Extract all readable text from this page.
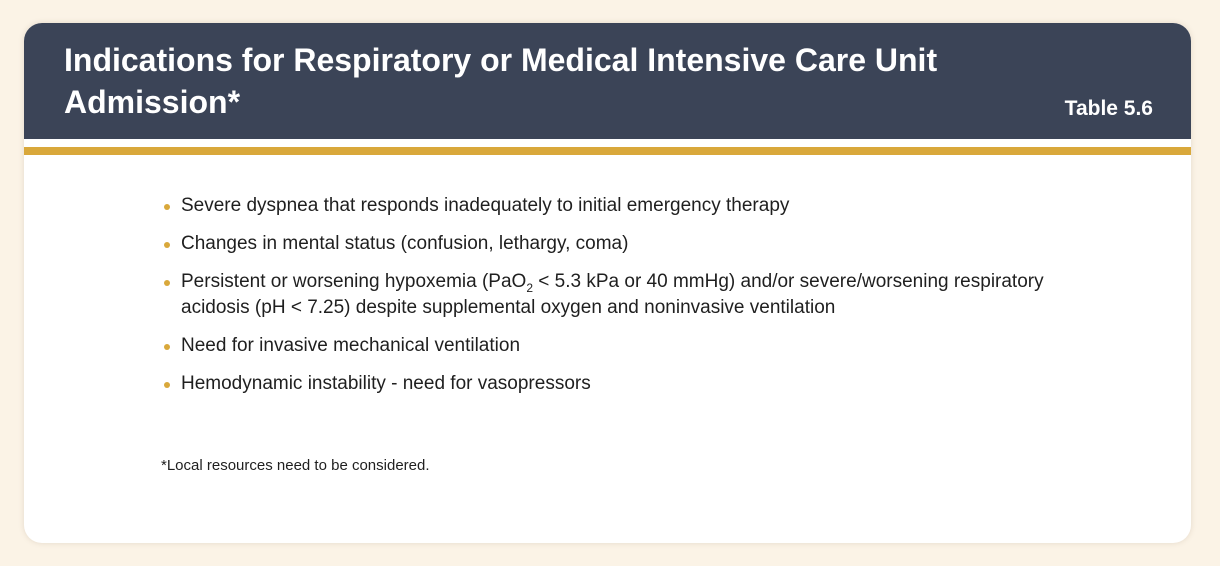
Indications for Respiratory or Medical Intensive Care Unit Admission*	Table 5.6
Severe dyspnea that responds inadequately to initial emergency therapy
Changes in mental status (confusion, lethargy, coma)
Persistent or worsening hypoxemia (PaO$_2$ < 5.3 kPa or 40 mmHg) and/or severe/worsening respiratory acidosis (pH < 7.25) despite supplemental oxygen and noninvasive ventilation
Need for invasive mechanical ventilation
Hemodynamic instability - need for vasopressors

*Local resources need to be considered.
